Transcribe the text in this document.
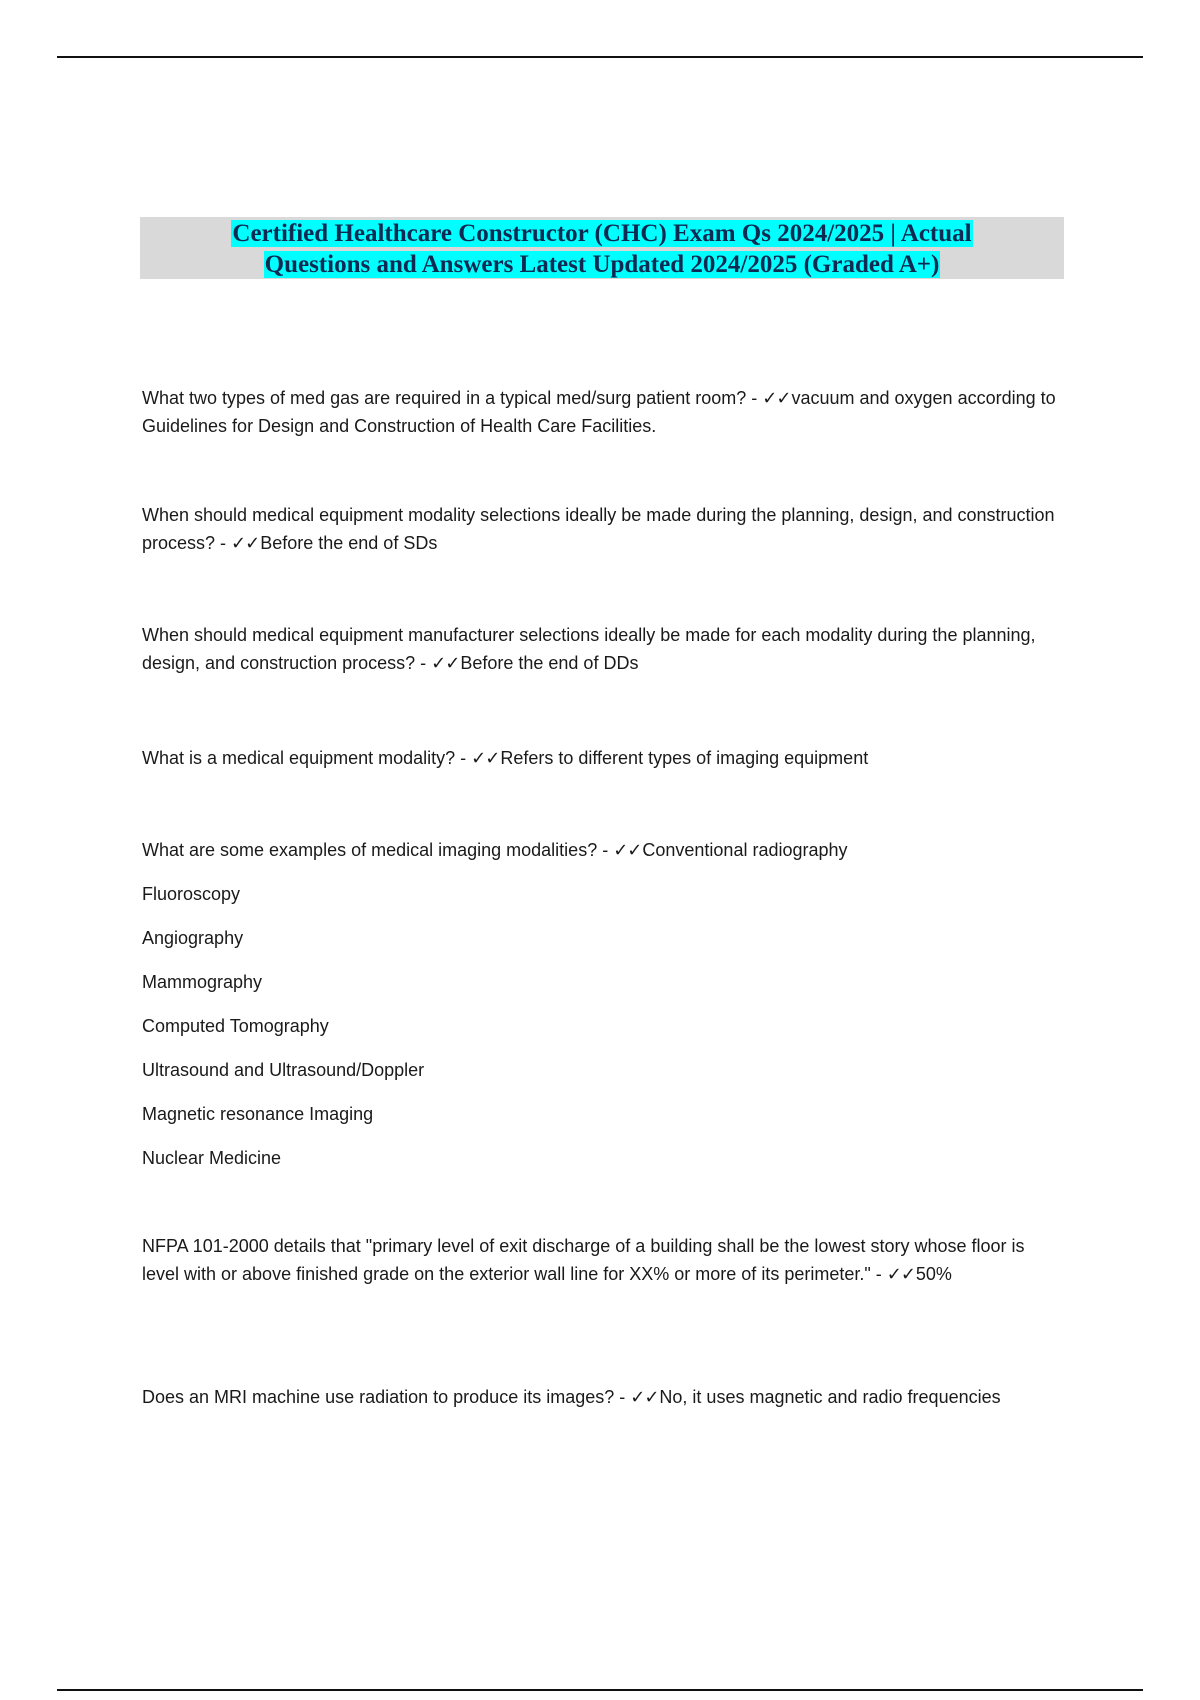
Certified Healthcare Constructor (CHC) Exam Qs 2024/2025 | Actual
Questions and Answers Latest Updated 2024/2025 (Graded A+)

What two types of med gas are required in a typical med/surg patient room? - ✓✓vacuum and oxygen according to Guidelines for Design and Construction of Health Care Facilities.

When should medical equipment modality selections ideally be made during the planning, design, and construction process? - ✓✓Before the end of SDs

When should medical equipment manufacturer selections ideally be made for each modality during the planning, design, and construction process? - ✓✓Before the end of DDs

What is a medical equipment modality? - ✓✓Refers to different types of imaging equipment

What are some examples of medical imaging modalities? - ✓✓Conventional radiography

Fluoroscopy
Angiography
Mammography
Computed Tomography
Ultrasound and Ultrasound/Doppler
Magnetic resonance Imaging
Nuclear Medicine

NFPA 101-2000 details that "primary level of exit discharge of a building shall be the lowest story whose floor is level with or above finished grade on the exterior wall line for XX% or more of its perimeter." - ✓✓50%

Does an MRI machine use radiation to produce its images? - ✓✓No, it uses magnetic and radio frequencies
